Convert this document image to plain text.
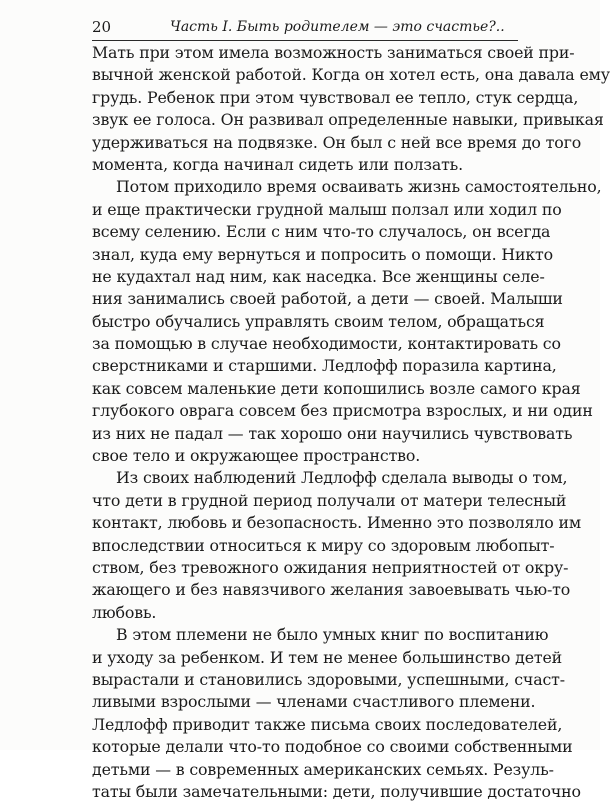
20	Часть I. Быть родителем — это счастье?..
Мать при этом имела возможность заниматься своей при-
вычной женской работой. Когда он хотел есть, она давала ему
грудь. Ребенок при этом чувствовал ее тепло, стук сердца,
звук ее голоса. Он развивал определенные навыки, привыкая
удерживаться на подвязке. Он был с ней все время до того
момента, когда начинал сидеть или ползать.
Потом приходило время осваивать жизнь самостоятельно,
и еще практически грудной малыш ползал или ходил по
всему селению. Если с ним что-то случалось, он всегда
знал, куда ему вернуться и попросить о помощи. Никто
не кудахтал над ним, как наседка. Все женщины селе-
ния занимались своей работой, а дети — своей. Малыши
быстро обучались управлять своим телом, обращаться
за помощью в случае необходимости, контактировать со
сверстниками и старшими. Ледлофф поразила картина,
как совсем маленькие дети копошились возле самого края
глубокого оврага совсем без присмотра взрослых, и ни один
из них не падал — так хорошо они научились чувствовать
свое тело и окружающее пространство.
Из своих наблюдений Ледлофф сделала выводы о том,
что дети в грудной период получали от матери телесный
контакт, любовь и безопасность. Именно это позволяло им
впоследствии относиться к миру со здоровым любопыт-
ством, без тревожного ожидания неприятностей от окру-
жающего и без навязчивого желания завоевывать чью-то
любовь.
В этом племени не было умных книг по воспитанию
и уходу за ребенком. И тем не менее большинство детей
вырастали и становились здоровыми, успешными, счаст-
ливыми взрослыми — членами счастливого племени.
Ледлофф приводит также письма своих последователей,
которые делали что-то подобное со своими собственными
детьми — в современных американских семьях. Резуль-
таты были замечательными: дети, получившие достаточно
